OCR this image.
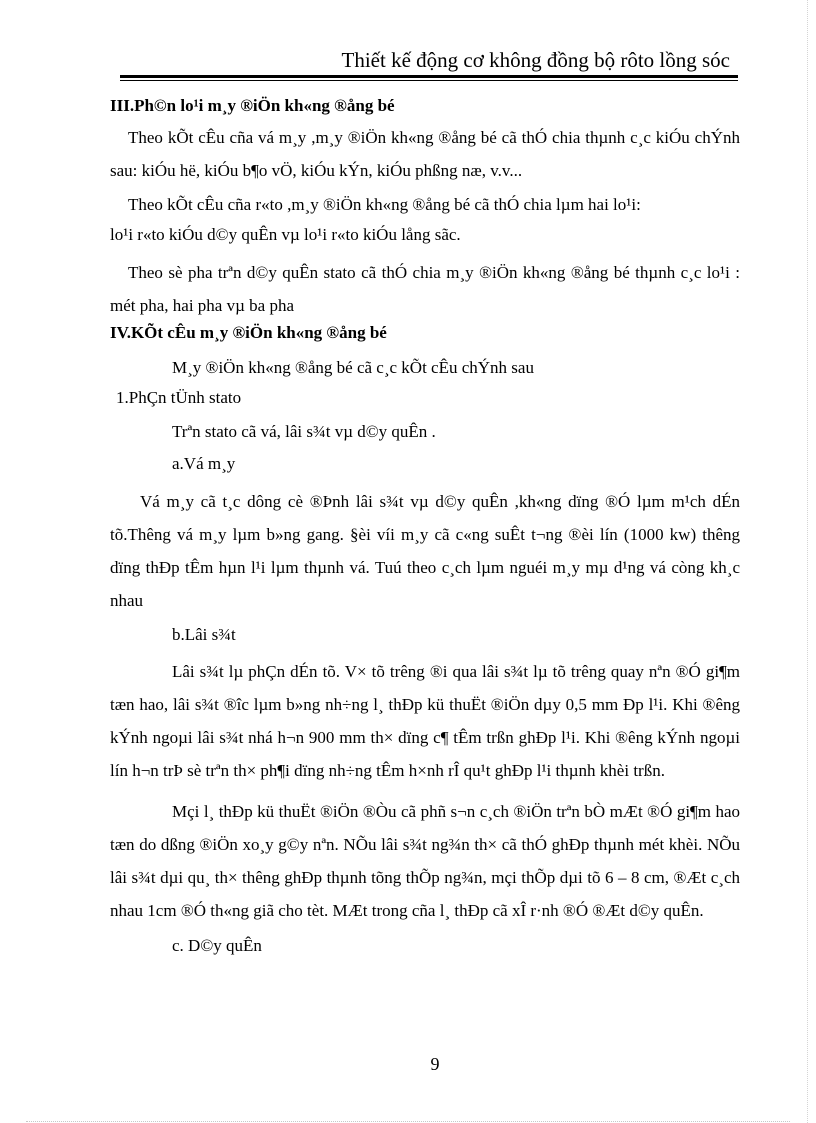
Thiết kế động cơ không đồng bộ rôto lồng sóc

III.Ph©n lo¹i m¸y ®iÖn kh«ng ®ång bé

Theo kÕt cÊu cña vá m¸y ,m¸y ®iÖn kh«ng ®ång bé cã thÓ chia thµnh c¸c kiÓu chÝnh sau: kiÓu hë, kiÓu b¶o vÖ, kiÓu kÝn, kiÓu phßng næ, v.v...

Theo kÕt cÊu cña r«to ,m¸y ®iÖn kh«ng ®ång bé cã thÓ chia lµm hai lo¹i:

lo¹i r«to kiÓu d©y quÊn vµ lo¹i r«to kiÓu lång sãc.

Theo sè pha trªn d©y quÊn stato cã thÓ chia m¸y ®iÖn kh«ng ®ång bé thµnh c¸c lo¹i : mét pha, hai pha vµ ba pha

IV.KÕt cÊu m¸y ®iÖn kh«ng ®ång bé

M¸y ®iÖn kh«ng ®ång bé cã c¸c kÕt cÊu chÝnh sau

1.PhÇn tÜnh stato

Trªn stato cã vá, lâi s¾t vµ d©y quÊn .

a.Vá m¸y

Vá m¸y cã t¸c dông cè ®Þnh lâi s¾t vµ d©y quÊn ,kh«ng dïng ®Ó lµm m¹ch dÉn tõ.Thêng vá m¸y lµm b»ng gang. §èi víi m¸y cã c«ng suÊt t¬ng ®èi lín (1000 kw) thêng dïng thÐp tÊm hµn l¹i lµm thµnh vá. Tuú theo c¸ch lµm nguéi m¸y mµ d¹ng vá còng kh¸c nhau

b.Lâi s¾t

Lâi s¾t lµ phÇn dÉn tõ. V× tõ trêng ®i qua lâi s¾t lµ tõ trêng quay nªn ®Ó gi¶m tæn hao, lâi s¾t ®îc lµm b»ng nh÷ng l¸ thÐp kü thuËt ®iÖn dµy 0,5 mm Ðp l¹i. Khi ®êng kÝnh ngoµi lâi s¾t nhá h¬n 900 mm th× dïng c¶ tÊm trßn ghÐp l¹i. Khi ®êng kÝnh ngoµi lín h¬n trÞ sè trªn th× ph¶i dïng nh÷ng tÊm h×nh rÎ qu¹t ghÐp l¹i thµnh khèi trßn.

Mçi l¸ thÐp kü thuËt ®iÖn ®Òu cã phñ s¬n c¸ch ®iÖn trªn bÒ mÆt ®Ó gi¶m hao tæn do dßng ®iÖn xo¸y g©y nªn. NÕu lâi s¾t ng¾n th× cã thÓ ghÐp thµnh mét khèi. NÕu lâi s¾t dµi qu¸ th× thêng ghÐp thµnh tõng thÕp ng¾n, mçi thÕp dµi tõ 6 – 8 cm, ®Æt c¸ch nhau 1cm ®Ó th«ng giã cho tèt. MÆt trong cña l¸ thÐp cã xÎ r·nh ®Ó ®Æt d©y quÊn.

c. D©y quÊn

9
